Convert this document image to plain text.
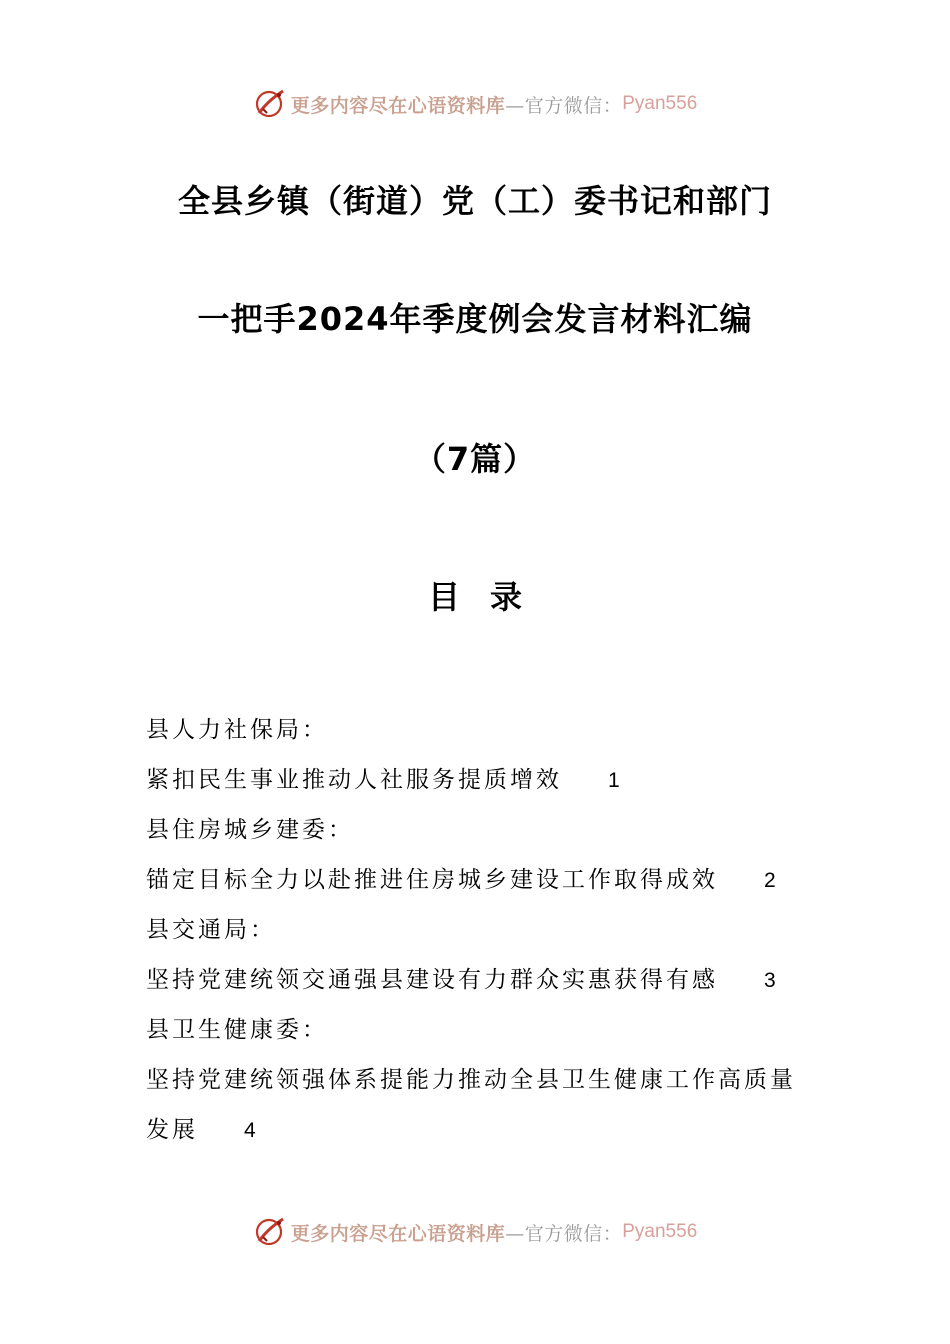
更多内容尽在心语资料库 —官方微信： Pyan556
全县乡镇（街道）党（工）委书记和部门
一把手2024年季度例会发言材料汇编
（7篇）
目录
县人力社保局：
紧扣民生事业推动人社服务提质增效 1
县住房城乡建委：
锚定目标全力以赴推进住房城乡建设工作取得成效 2
县交通局：
坚持党建统领交通强县建设有力群众实惠获得有感 3
县卫生健康委：
坚持党建统领强体系提能力推动全县卫生健康工作高质量
发展 4
更多内容尽在心语资料库 —官方微信： Pyan556
